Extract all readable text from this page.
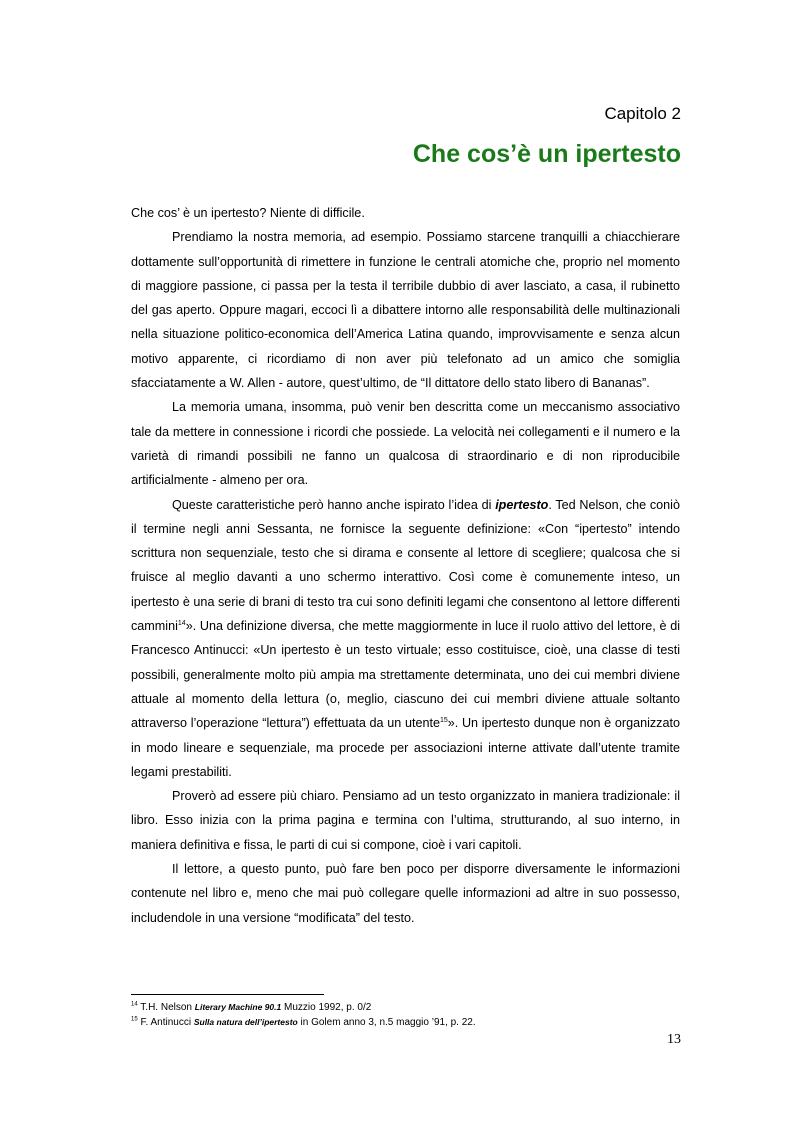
Capitolo 2
Che cos’è un ipertesto

Che cos’ è un ipertesto? Niente di difficile.

Prendiamo la nostra memoria, ad esempio. Possiamo starcene tranquilli a chiacchierare dottamente sull’opportunità di rimettere in funzione le centrali atomiche che, proprio nel momento di maggiore passione, ci passa per la testa il terribile dubbio di aver lasciato, a casa, il rubinetto del gas aperto. Oppure magari, eccoci lì a dibattere intorno alle responsabilità delle multinazionali nella situazione politico-economica dell’America Latina quando, improvvisamente e senza alcun motivo apparente, ci ricordiamo di non aver più telefonato ad un amico che somiglia sfacciatamente a W. Allen - autore, quest’ultimo, de “Il dittatore dello stato libero di Bananas”.

La memoria umana, insomma, può venir ben descritta come un meccanismo associativo tale da mettere in connessione i ricordi che possiede. La velocità nei collegamenti e il numero e la varietà di rimandi possibili ne fanno un qualcosa di straordinario e di non riproducibile artificialmente - almeno per ora.

Queste caratteristiche però hanno anche ispirato l’idea di ipertesto. Ted Nelson, che coniò il termine negli anni Sessanta, ne fornisce la seguente definizione: «Con “ipertesto” intendo scrittura non sequenziale, testo che si dirama e consente al lettore di scegliere; qualcosa che si fruisce al meglio davanti a uno schermo interattivo. Così come è comunemente inteso, un ipertesto è una serie di brani di testo tra cui sono definiti legami che consentono al lettore differenti cammini$^{14}$». Una definizione diversa, che mette maggiormente in luce il ruolo attivo del lettore, è di Francesco Antinucci: «Un ipertesto è un testo virtuale; esso costituisce, cioè, una classe di testi possibili, generalmente molto più ampia ma strettamente determinata, uno dei cui membri diviene attuale al momento della lettura (o, meglio, ciascuno dei cui membri diviene attuale soltanto attraverso l’operazione “lettura”) effettuata da un utente$^{15}$». Un ipertesto dunque non è organizzato in modo lineare e sequenziale, ma procede per associazioni interne attivate dall’utente tramite legami prestabiliti.

Proverò ad essere più chiaro. Pensiamo ad un testo organizzato in maniera tradizionale: il libro. Esso inizia con la prima pagina e termina con l’ultima, strutturando, al suo interno, in maniera definitiva e fissa, le parti di cui si compone, cioè i vari capitoli.

Il lettore, a questo punto, può fare ben poco per disporre diversamente le informazioni contenute nel libro e, meno che mai può collegare quelle informazioni ad altre in suo possesso, includendole in una versione “modificata” del testo.

$^{14}$ T.H. Nelson Literary Machine 90.1 Muzzio 1992, p. 0/2
$^{15}$ F. Antinucci Sulla natura dell’ipertesto in Golem anno 3, n.5 maggio ’91, p. 22.
13
